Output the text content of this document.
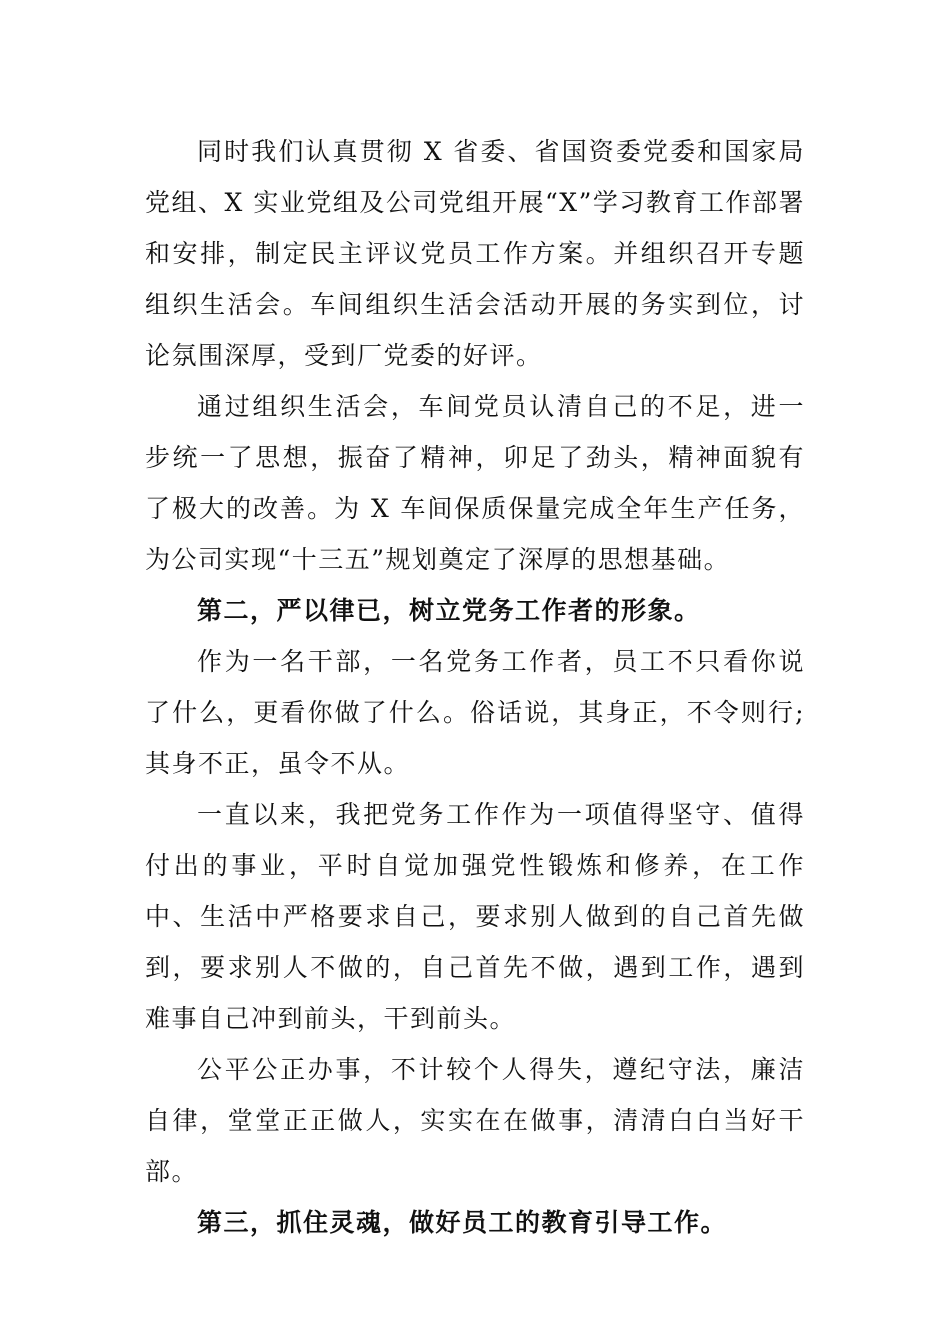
同时我们认真贯彻 X 省委、省国资委党委和国家局党组、X 实业党组及公司党组开展“X”学习教育工作部署和安排，制定民主评议党员工作方案。并组织召开专题组织生活会。车间组织生活会活动开展的务实到位，讨论氛围深厚，受到厂党委的好评。

通过组织生活会，车间党员认清自己的不足，进一步统一了思想，振奋了精神，卯足了劲头，精神面貌有了极大的改善。为 X 车间保质保量完成全年生产任务，为公司实现“十三五”规划奠定了深厚的思想基础。

第二，严以律已，树立党务工作者的形象。

作为一名干部，一名党务工作者，员工不只看你说了什么，更看你做了什么。俗话说，其身正，不令则行;其身不正，虽令不从。

一直以来，我把党务工作作为一项值得坚守、值得付出的事业，平时自觉加强党性锻炼和修养，在工作中、生活中严格要求自己，要求别人做到的自己首先做到，要求别人不做的，自己首先不做，遇到工作，遇到难事自己冲到前头，干到前头。

公平公正办事，不计较个人得失，遵纪守法，廉洁自律，堂堂正正做人，实实在在做事，清清白白当好干部。

第三，抓住灵魂，做好员工的教育引导工作。
